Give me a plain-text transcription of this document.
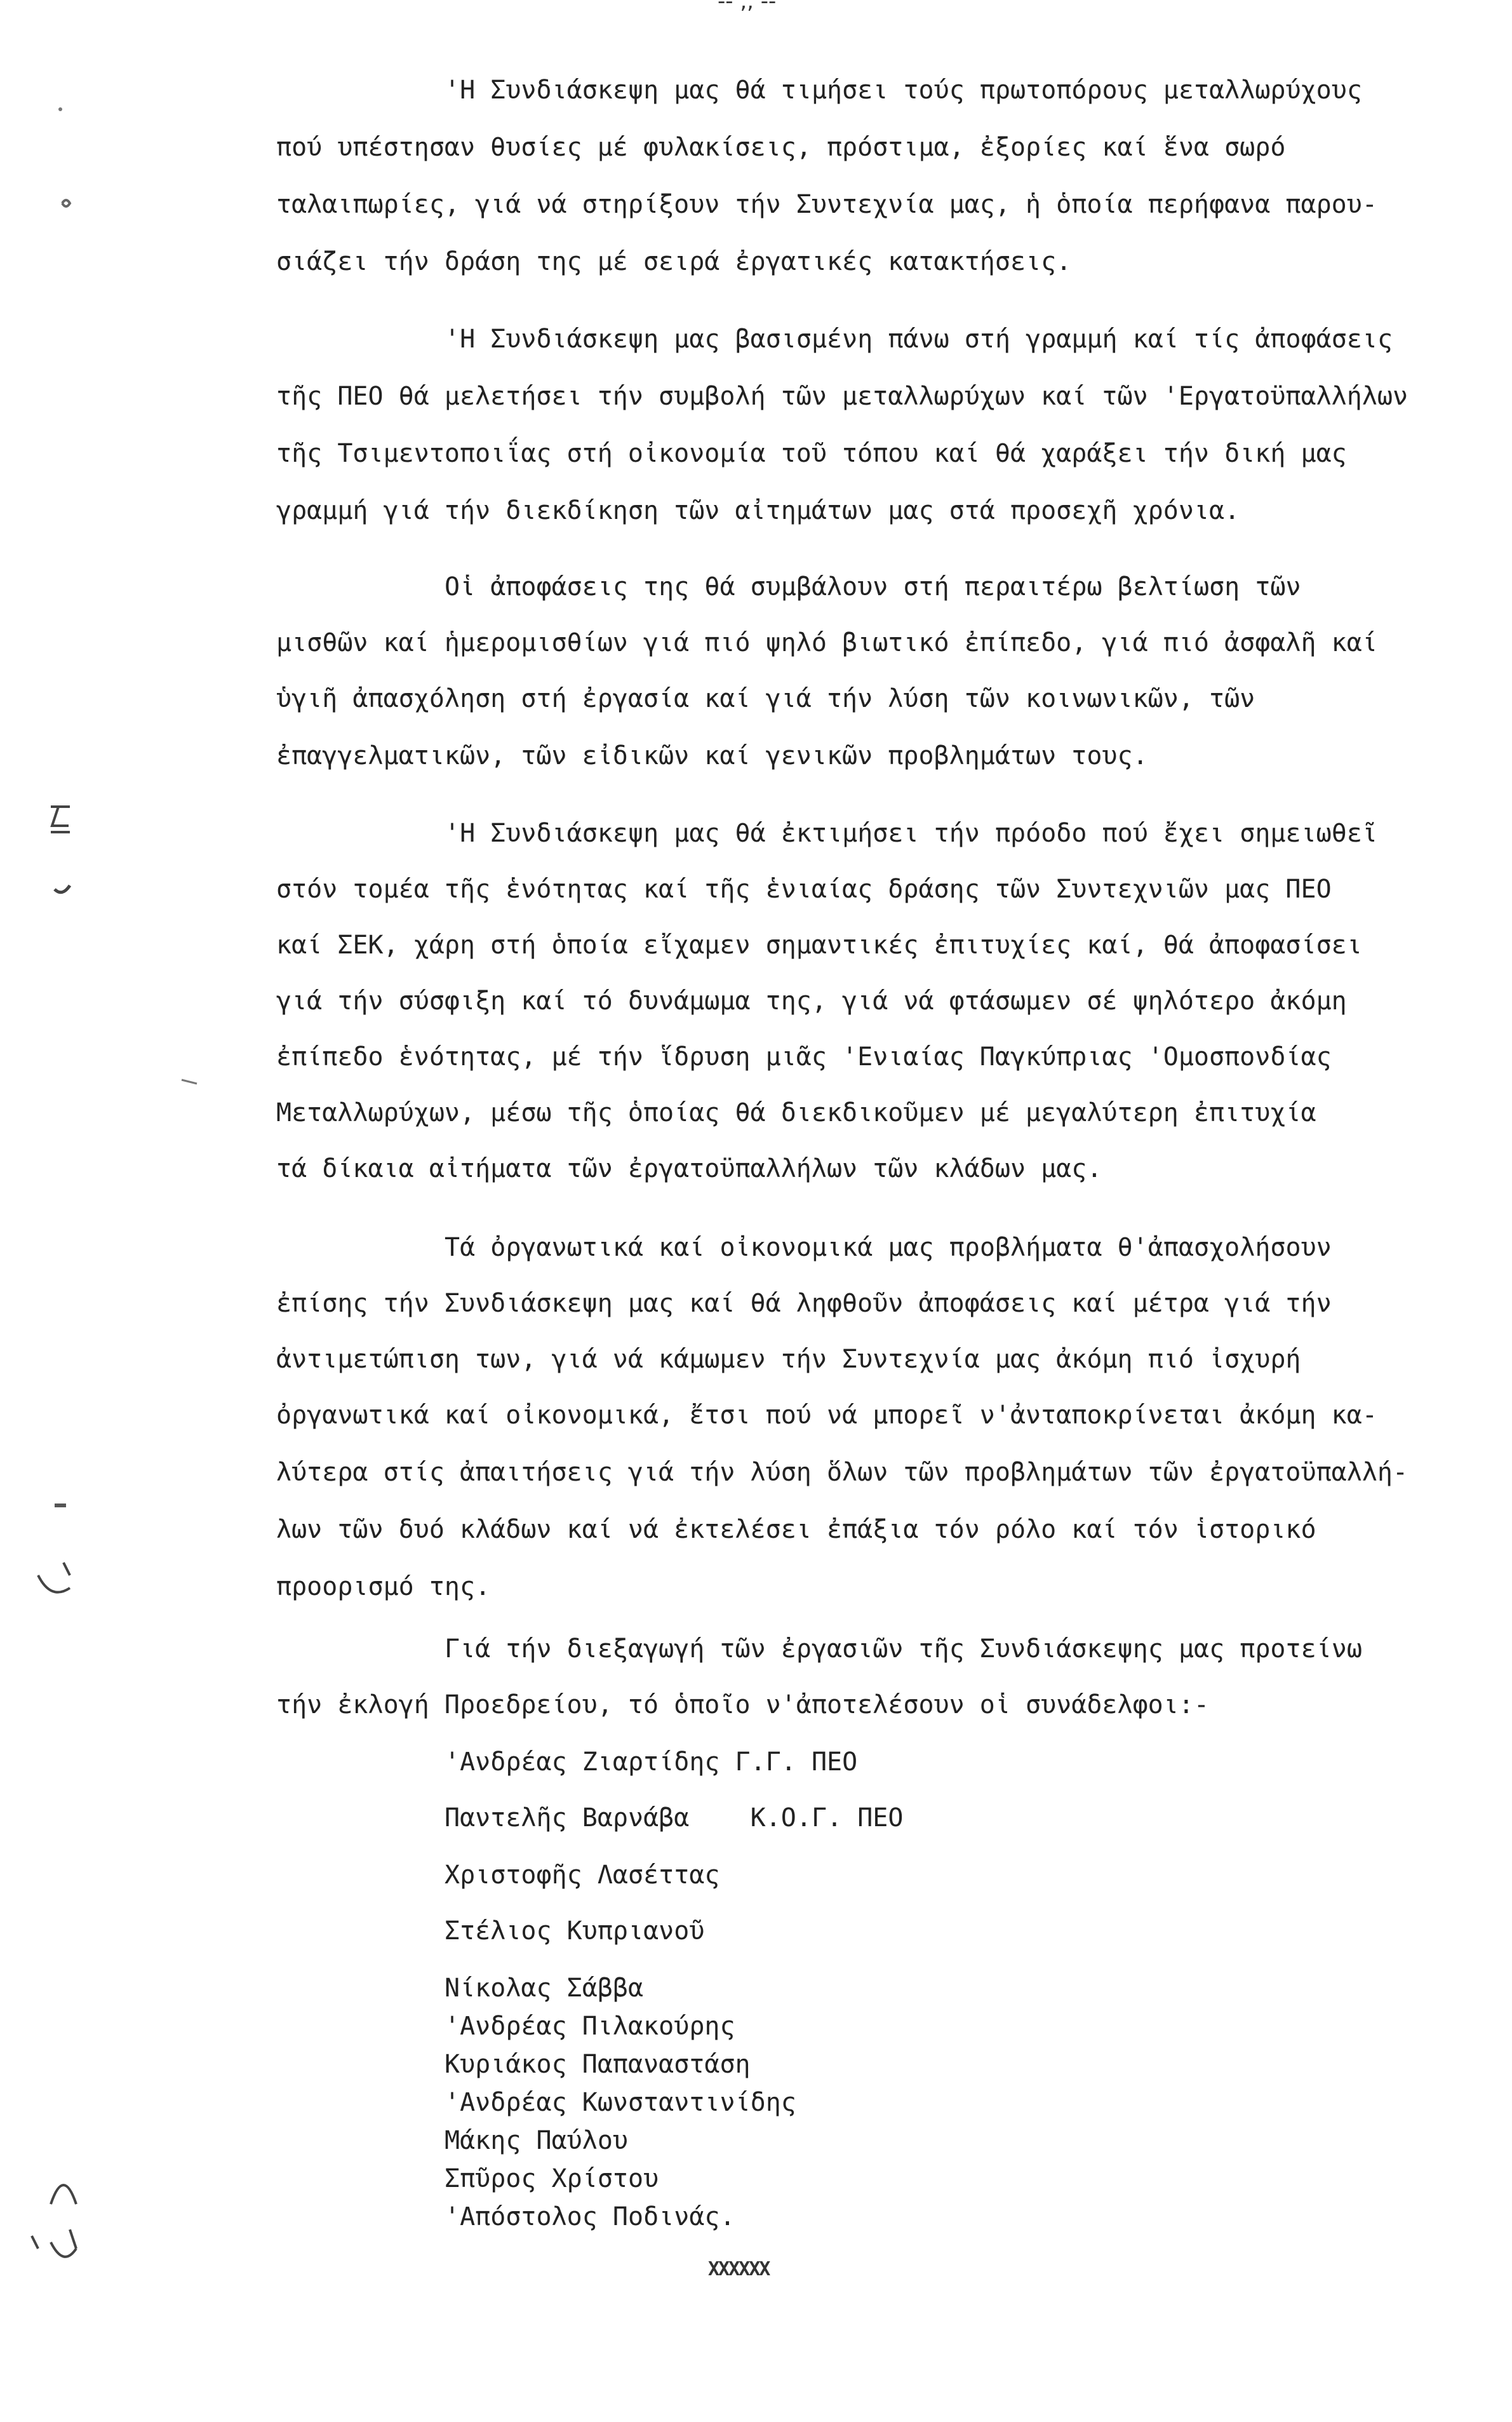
-- ,, --
'Η Συνδιάσκεψη μας θά τιμήσει τούς πρωτοπόρους μεταλλωρύχους
πού υπέστησαν θυσίες μέ φυλακίσεις, πρόστιμα, ἐξορίες καί ἕνα σωρό
ταλαιπωρίες, γιά νά στηρίξουν τήν Συντεχνία μας, ἡ ὁποία περήφανα παρου-
σιάζει τήν δράση της μέ σειρά ἐργατικές κατακτήσεις.
'Η Συνδιάσκεψη μας βασισμένη πάνω στή γραμμή καί τίς ἀποφάσεις
τῆς ΠΕΟ θά μελετήσει τήν συμβολή τῶν μεταλλωρύχων καί τῶν 'Εργατοϋπαλλήλων
τῆς Τσιμεντοποιΐας στή οἰκονομία τοῦ τόπου καί θά χαράξει τήν δική μας
γραμμή γιά τήν διεκδίκηση τῶν αἰτημάτων μας στά προσεχῆ χρόνια.
Οἱ ἀποφάσεις της θά συμβάλουν στή περαιτέρω βελτίωση τῶν
μισθῶν καί ἡμερομισθίων γιά πιό ψηλό βιωτικό ἐπίπεδο, γιά πιό ἀσφαλῆ καί
ὑγιῆ ἀπασχόληση στή ἐργασία καί γιά τήν λύση τῶν κοινωνικῶν, τῶν
ἐπαγγελματικῶν, τῶν εἰδικῶν καί γενικῶν προβλημάτων τους.
'Η Συνδιάσκεψη μας θά ἐκτιμήσει τήν πρόοδο πού ἔχει σημειωθεῖ
στόν τομέα τῆς ἑνότητας καί τῆς ἑνιαίας δράσης τῶν Συντεχνιῶν μας ΠΕΟ
καί ΣΕΚ, χάρη στή ὁποία εἴχαμεν σημαντικές ἐπιτυχίες καί, θά ἀποφασίσει
γιά τήν σύσφιξη καί τό δυνάμωμα της, γιά νά φτάσωμεν σέ ψηλότερο ἀκόμη
ἐπίπεδο ἑνότητας, μέ τήν ἵδρυση μιᾶς 'Ενιαίας Παγκύπριας 'Ομοσπονδίας
Μεταλλωρύχων, μέσω τῆς ὁποίας θά διεκδικοῦμεν μέ μεγαλύτερη ἐπιτυχία
τά δίκαια αἰτήματα τῶν ἐργατοϋπαλλήλων τῶν κλάδων μας.
Τά ὀργανωτικά καί οἰκονομικά μας προβλήματα θ'ἀπασχολήσουν
ἐπίσης τήν Συνδιάσκεψη μας καί θά ληφθοῦν ἀποφάσεις καί μέτρα γιά τήν
ἀντιμετώπιση των, γιά νά κάμωμεν τήν Συντεχνία μας ἀκόμη πιό ἰσχυρή
ὀργανωτικά καί οἰκονομικά, ἔτσι πού νά μπορεῖ ν'ἀνταποκρίνεται ἀκόμη κα-
λύτερα στίς ἀπαιτήσεις γιά τήν λύση ὅλων τῶν προβλημάτων τῶν ἐργατοϋπαλλή-
λων τῶν δυό κλάδων καί νά ἐκτελέσει ἐπάξια τόν ρόλο καί τόν ἱστορικό
προορισμό της.
Γιά τήν διεξαγωγή τῶν ἐργασιῶν τῆς Συνδιάσκεψης μας προτείνω
τήν ἐκλογή Προεδρείου, τό ὁποῖο ν'ἀποτελέσουν οἱ συνάδελφοι:-
'Ανδρέας Ζιαρτίδης Γ.Γ. ΠΕΟ
Παντελῆς Βαρνάβα    Κ.Ο.Γ. ΠΕΟ
Χριστοφῆς Λασέττας
Στέλιος Κυπριανοῦ
Νίκολας Σάββα
'Ανδρέας Πιλακούρης
Κυριάκος Παπαναστάση
'Ανδρέας Κωνσταντινίδης
Μάκης Παύλου
Σπῦρος Χρίστου
'Απόστολος Ποδινάς.
XXXXXX
